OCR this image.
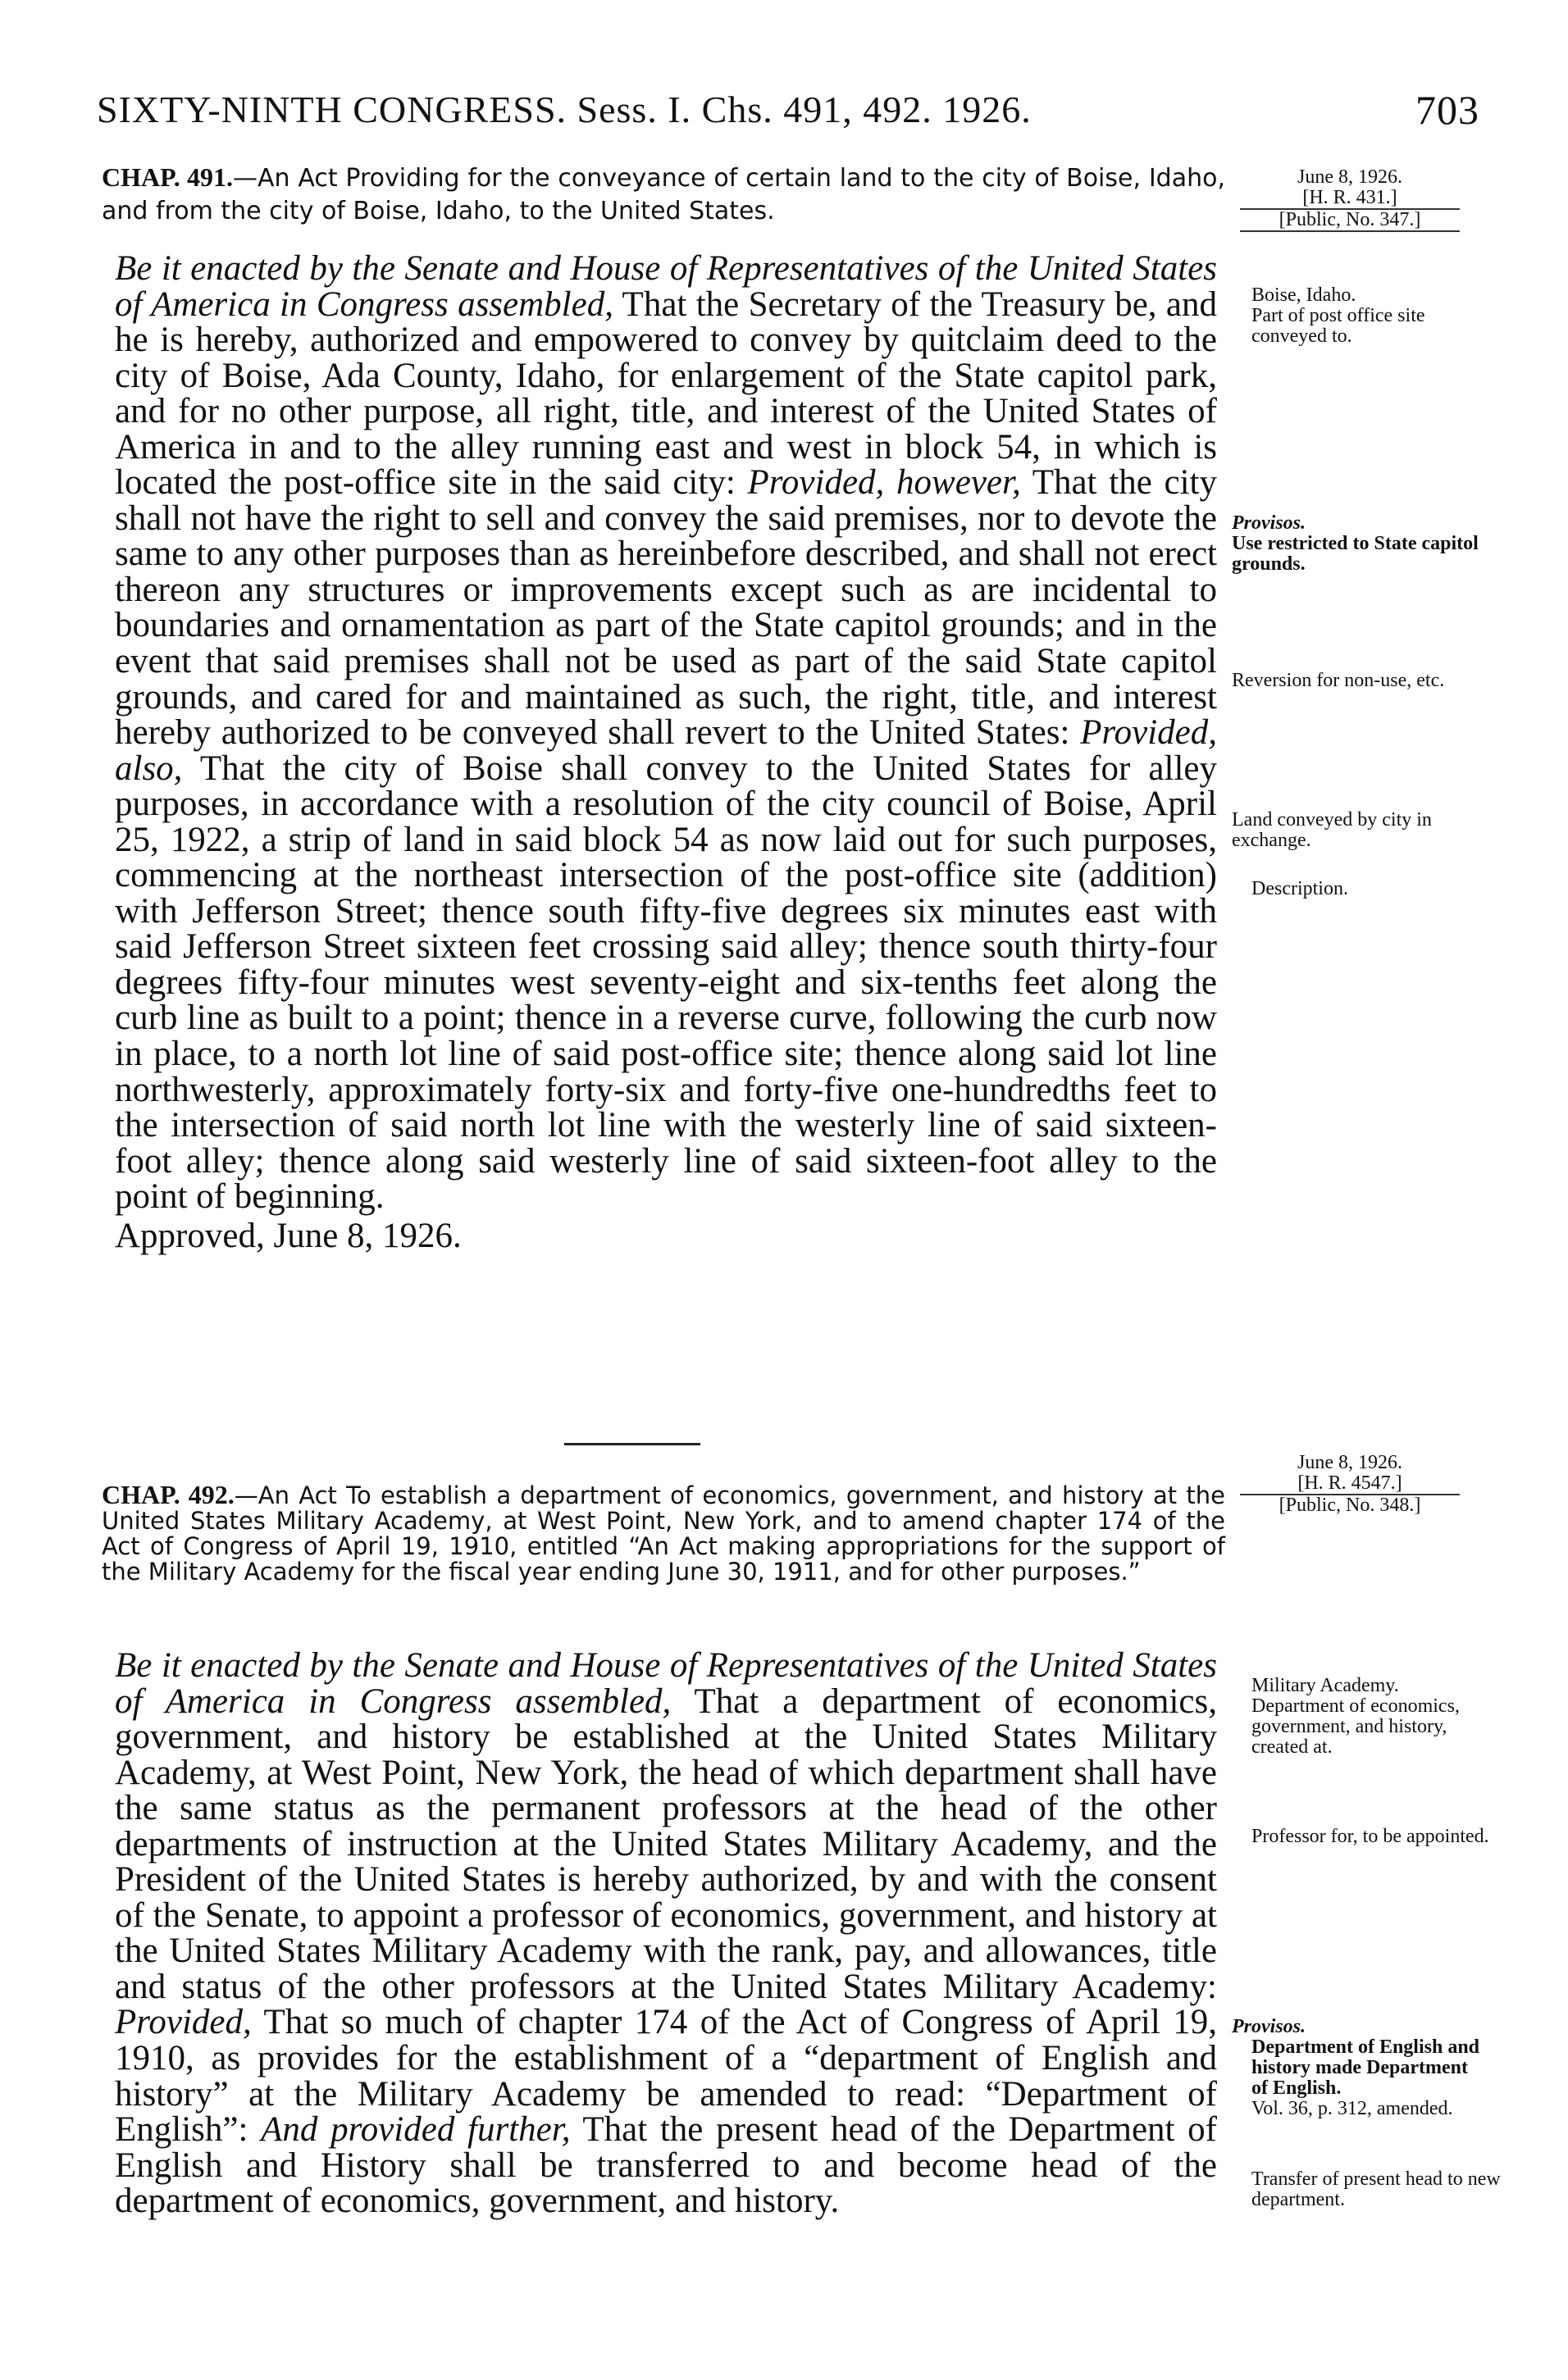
SIXTY-NINTH CONGRESS. Sess. I. Chs. 491, 492. 1926.	703
CHAP. 491.—An Act Providing for the conveyance of certain land to the city of Boise, Idaho, and from the city of Boise, Idaho, to the United States.
June 8, 1926.
[H. R. 431.]
[Public, No. 347.]

Be it enacted by the Senate and House of Representatives of the United States of America in Congress assembled, That the Secretary of the Treasury be, and he is hereby, authorized and empowered to convey by quitclaim deed to the city of Boise, Ada County, Idaho, for enlargement of the State capitol park, and for no other purpose, all right, title, and interest of the United States of America in and to the alley running east and west in block 54, in which is located the post-office site in the said city: Provided, however, That the city shall not have the right to sell and convey the said premises, nor to devote the same to any other purposes than as hereinbefore described, and shall not erect thereon any structures or improvements except such as are incidental to boundaries and ornamentation as part of the State capitol grounds; and in the event that said premises shall not be used as part of the said State capitol grounds, and cared for and maintained as such, the right, title, and interest hereby authorized to be conveyed shall revert to the United States: Provided, also, That the city of Boise shall convey to the United States for alley purposes, in accordance with a resolution of the city council of Boise, April 25, 1922, a strip of land in said block 54 as now laid out for such purposes, commencing at the northeast intersection of the post-office site (addition) with Jefferson Street; thence south fifty-five degrees six minutes east with said Jefferson Street sixteen feet crossing said alley; thence south thirty-four degrees fifty-four minutes west seventy-eight and six-tenths feet along the curb line as built to a point; thence in a reverse curve, following the curb now in place, to a north lot line of said post-office site; thence along said lot line northwesterly, approximately forty-six and forty-five one-hundredths feet to the intersection of said north lot line with the westerly line of said sixteen-foot alley; thence along said westerly line of said sixteen-foot alley to the point of beginning.

Approved, June 8, 1926.

Boise, Idaho.
Part of post office site conveyed to.
Provisos.
Use restricted to State capitol grounds.
Reversion for non-use, etc.
Land conveyed by city in exchange.
Description.
CHAP. 492.—An Act To establish a department of economics, government, and history at the United States Military Academy, at West Point, New York, and to amend chapter 174 of the Act of Congress of April 19, 1910, entitled “An Act making appropriations for the support of the Military Academy for the fiscal year ending June 30, 1911, and for other purposes.”
June 8, 1926.
[H. R. 4547.]
[Public, No. 348.]

Be it enacted by the Senate and House of Representatives of the United States of America in Congress assembled, That a department of economics, government, and history be established at the United States Military Academy, at West Point, New York, the head of which department shall have the same status as the permanent professors at the head of the other departments of instruction at the United States Military Academy, and the President of the United States is hereby authorized, by and with the consent of the Senate, to appoint a professor of economics, government, and history at the United States Military Academy with the rank, pay, and allowances, title and status of the other professors at the United States Military Academy: Provided, That so much of chapter 174 of the Act of Congress of April 19, 1910, as provides for the establishment of a “department of English and history” at the Military Academy be amended to read: “Department of English”: And provided further, That the present head of the Department of English and History shall be transferred to and become head of the department of economics, government, and history.

Military Academy.
Department of economics, government, and history, created at.
Professor for, to be appointed.
Provisos.
Department of English and history made Department of English.
Vol. 36, p. 312, amended.
Transfer of present head to new department.
